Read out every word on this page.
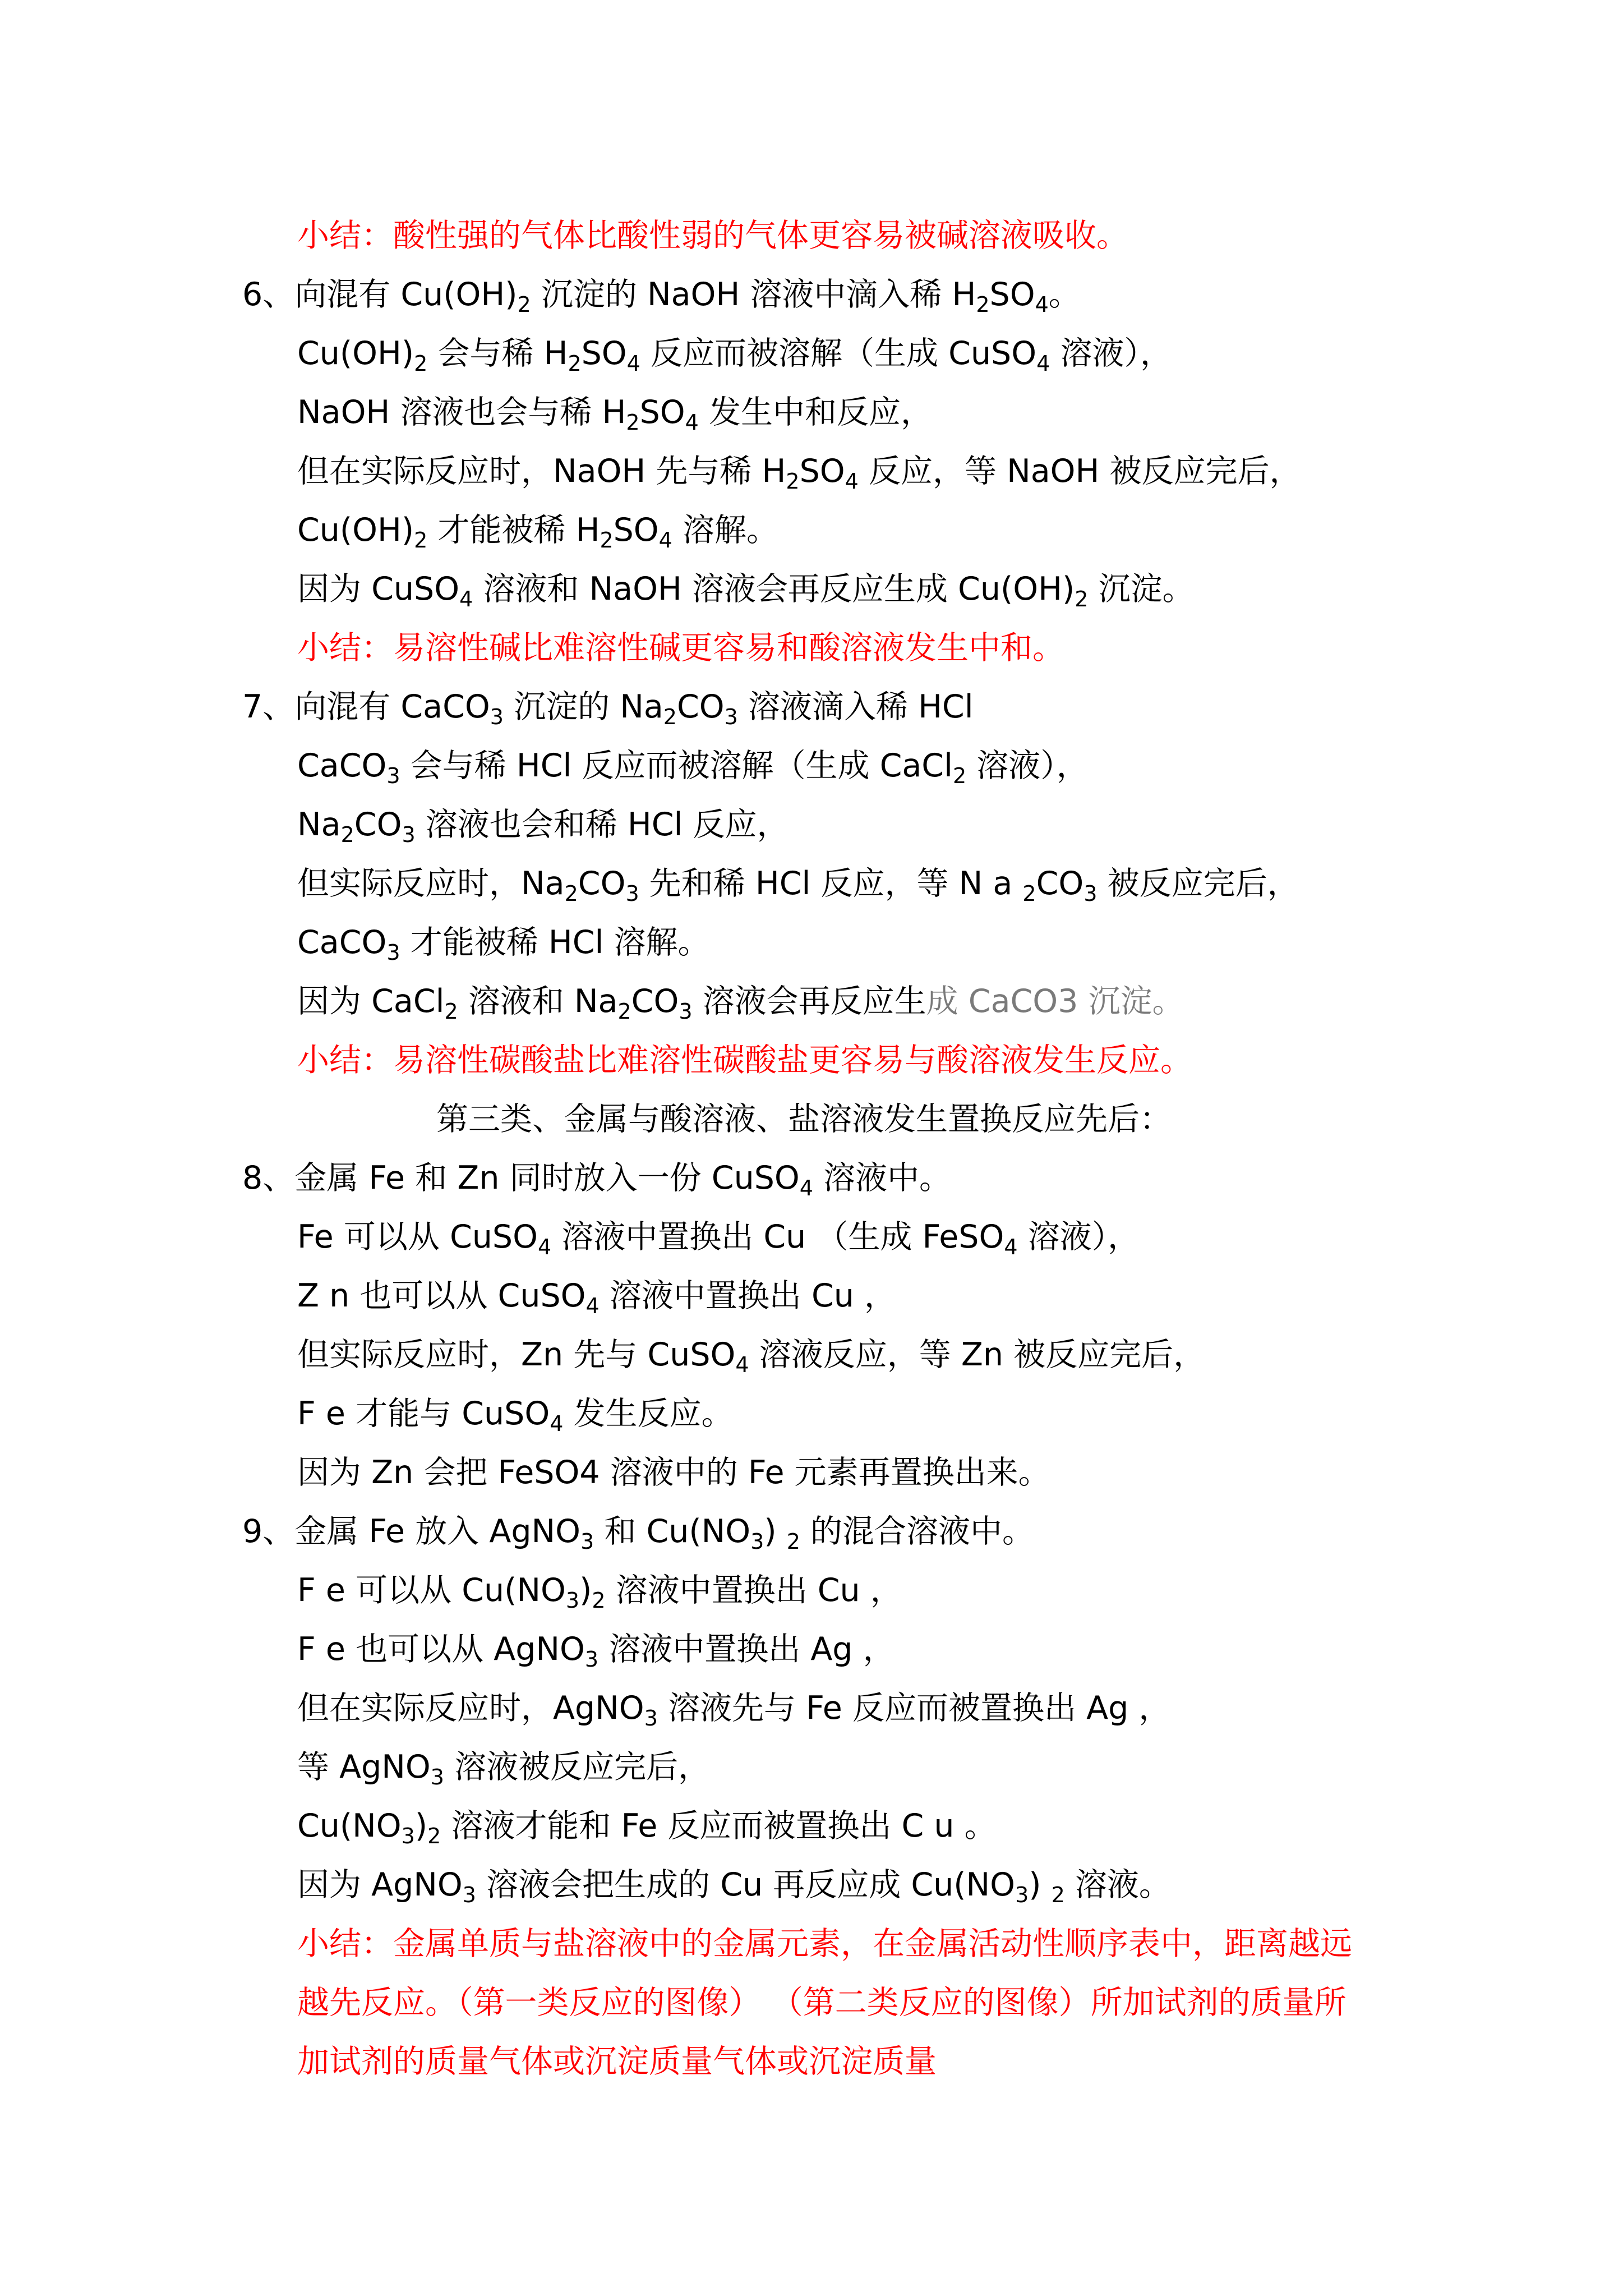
小结：酸性强的气体比酸性弱的气体更容易被碱溶液吸收。
6、向混有 $Cu(OH)_2$ 沉淀的 NaOH 溶液中滴入稀 $H_2SO_4$。
$Cu(OH)_2$ 会与稀 $H_2SO_4$ 反应而被溶解（生成 CuSO$_4$ 溶液），
NaOH 溶液也会与稀 $H_2SO_4$ 发生中和反应，
但在实际反应时，NaOH 先与稀 $H_2SO_4$ 反应，等 NaOH 被反应完后，
$Cu(OH)_2$ 才能被稀 $H_2SO_4$ 溶解。
因为 CuSO$_4$ 溶液和 NaOH 溶液会再反应生成 $Cu(OH)_2$ 沉淀。
小结：易溶性碱比难溶性碱更容易和酸溶液发生中和。
7、向混有 CaCO$_3$ 沉淀的 $Na_2CO_3$ 溶液滴入稀 HCl
CaCO$_3$ 会与稀 HCl 反应而被溶解（生成 CaCl$_2$ 溶液），
$Na_2CO_3$ 溶液也会和稀 HCl 反应，
但实际反应时，$Na_2CO_3$ 先和稀 HCl 反应，等 N a $_2CO_3$ 被反应完后，
CaCO$_3$ 才能被稀 HCl 溶解。
因为 CaCl$_2$ 溶液和 $Na_2CO_3$ 溶液会再反应生成 CaCO3 沉淀。
小结：易溶性碳酸盐比难溶性碳酸盐更容易与酸溶液发生反应。
第三类、金属与酸溶液、盐溶液发生置换反应先后：
8、金属 Fe 和 Zn 同时放入一份 CuSO$_4$ 溶液中。
Fe 可以从 CuSO$_4$ 溶液中置换出 Cu （生成 FeSO$_4$ 溶液），
Z n 也可以从 CuSO$_4$ 溶液中置换出 Cu ，
但实际反应时，Zn 先与 CuSO$_4$ 溶液反应，等 Zn 被反应完后，
F e 才能与 CuSO$_4$ 发生反应。
因为 Zn 会把 FeSO4 溶液中的 Fe 元素再置换出来。
9、金属 Fe 放入 AgNO$_3$ 和 $Cu(NO_3)$ $_2$ 的混合溶液中。
F e 可以从 $Cu(NO_3)_2$ 溶液中置换出 Cu ，
F e 也可以从 AgNO$_3$ 溶液中置换出 Ag ，
但在实际反应时，AgNO$_3$ 溶液先与 Fe 反应而被置换出 Ag ，
等 AgNO$_3$ 溶液被反应完后，
$Cu(NO_3)_2$ 溶液才能和 Fe 反应而被置换出 C u 。
因为 AgNO$_3$ 溶液会把生成的 Cu 再反应成 $Cu(NO_3)$ $_2$ 溶液。
小结：金属单质与盐溶液中的金属元素，在金属活动性顺序表中，距离越远
越先反应。（第一类反应的图像） （第二类反应的图像）所加试剂的质量所
加试剂的质量气体或沉淀质量气体或沉淀质量
